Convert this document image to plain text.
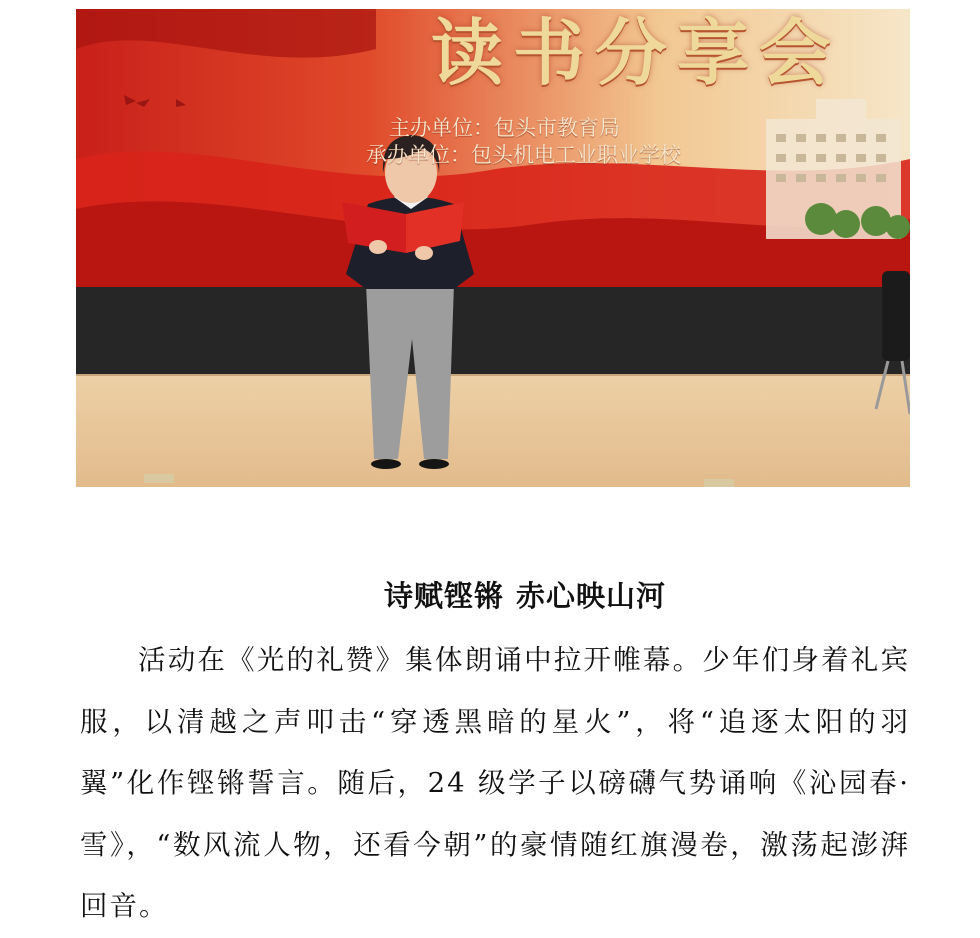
读书分享会
主办单位：包头市教育局
承办单位：包头机电工业职业学校
诗赋铿锵 赤心映山河

活动在《光的礼赞》集体朗诵中拉开帷幕。少年们身着礼宾服，以清越之声叩击“穿透黑暗的星火”，将“追逐太阳的羽翼”化作铿锵誓言。随后，24 级学子以磅礴气势诵响《沁园春·雪》，“数风流人物，还看今朝”的豪情随红旗漫卷，激荡起澎湃回音。
